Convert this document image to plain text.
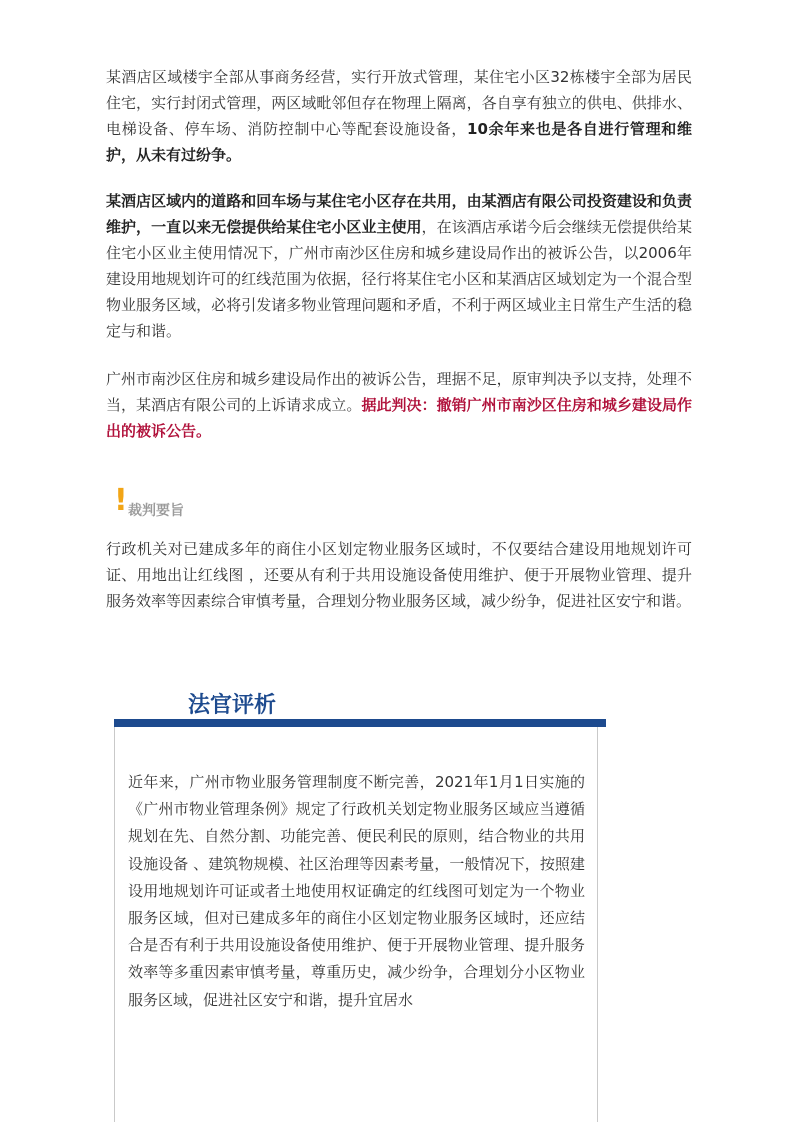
某酒店区域楼宇全部从事商务经营，实行开放式管理，某住宅小区32栋楼宇全部为居民住宅，实行封闭式管理，两区域毗邻但存在物理上隔离，各自享有独立的供电、供排水、电梯设备、停车场、消防控制中心等配套设施设备，10余年来也是各自进行管理和维护，从未有过纷争。

某酒店区域内的道路和回车场与某住宅小区存在共用，由某酒店有限公司投资建设和负责维护，一直以来无偿提供给某住宅小区业主使用，在该酒店承诺今后会继续无偿提供给某住宅小区业主使用情况下，广州市南沙区住房和城乡建设局作出的被诉公告，以2006年建设用地规划许可的红线范围为依据，径行将某住宅小区和某酒店区域划定为一个混合型物业服务区域，必将引发诸多物业管理问题和矛盾，不利于两区域业主日常生产生活的稳定与和谐。

广州市南沙区住房和城乡建设局作出的被诉公告，理据不足，原审判决予以支持，处理不当，某酒店有限公司的上诉请求成立。据此判决：撤销广州市南沙区住房和城乡建设局作出的被诉公告。

! 裁判要旨

行政机关对已建成多年的商住小区划定物业服务区域时，不仅要结合建设用地规划许可证、用地出让红线图 ，还要从有利于共用设施设备使用维护、便于开展物业管理、提升服务效率等因素综合审慎考量，合理划分物业服务区域，减少纷争，促进社区安宁和谐。

法官评析

近年来，广州市物业服务管理制度不断完善，2021年1月1日实施的《广州市物业管理条例》规定了行政机关划定物业服务区域应当遵循规划在先、自然分割、功能完善、便民利民的原则，结合物业的共用设施设备 、建筑物规模、社区治理等因素考量，一般情况下，按照建设用地规划许可证或者土地使用权证确定的红线图可划定为一个物业服务区域，但对已建成多年的商住小区划定物业服务区域时，还应结合是否有利于共用设施设备使用维护、便于开展物业管理、提升服务效率等多重因素审慎考量，尊重历史，减少纷争，合理划分小区物业服务区域，促进社区安宁和谐，提升宜居水
